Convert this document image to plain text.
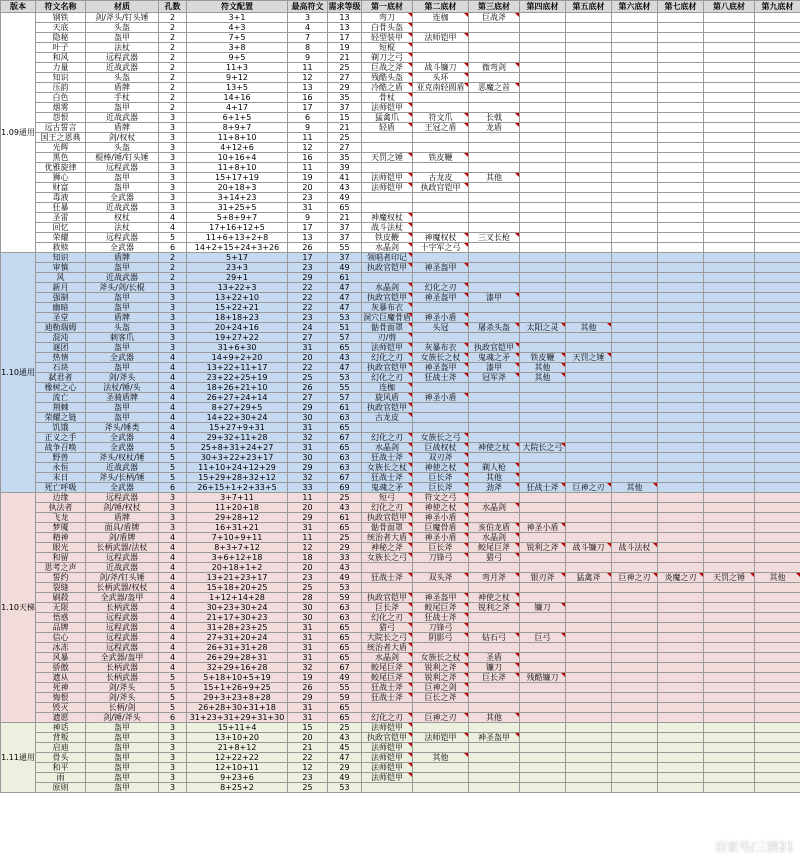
版本	符文名称	材质	孔数	符文配置	最高符文	需求等级	第一底材	第二底材	第三底材	第四底材	第五底材	第六底材	第七底材	第八底材	第九底材
1.09通用	钢铁	剑/斧头/钉头锤	2	3+1	3	13	弯刀	连枷	巨战斧						
	天底	头盔	2	4+3	4	13	白骨头盔								
	隐秘	盔甲	2	7+5	7	17	轻型装甲	法师铠甲							
	叶子	法杖	2	3+8	8	19	短棍								
	和风	远程武器	2	9+5	9	21	剃刀之弓								
	力量	近战武器	2	11+3	11	25	巨战之斧	战斗镰刀	微弯剑						
	知识	头盔	2	9+12	12	27	残酷头盔	头环							
	压韵	盾牌	2	13+5	13	29	冷酷之盾	亚克南轻圆盾	恶魔之首						
	白色	手杖	2	14+16	16	35	骨杖								
	烟雾	盔甲	2	4+17	17	37	法师铠甲								
	怨恨	近战武器	3	6+1+5	6	15	猛禽爪	符文爪	长戟						
	远古誓言	盾牌	3	8+9+7	9	21	轻盾	王冠之盾	龙盾						
	国王之恩典	剑/权杖	3	11+8+10	11	25									
	光辉	头盔	3	4+12+6	12	27									
	黑色	棍棒/锤/钉头锤	3	10+16+4	16	35	天罚之锤	铁皮鞭							
	优雅旋律	远程武器	3	11+8+10	11	39									
	狮心	盔甲	3	15+17+19	19	41	法师铠甲	古龙皮	其他						
	财富	盔甲	3	20+18+3	20	43	法师铠甲	执政官铠甲							
	毒液	全武器	3	3+14+23	23	49									
	狂暴	近战武器	3	31+25+5	31	65									
	圣雷	权杖	4	5+8+9+7	9	21	神魔权杖								
	回忆	法杖	4	17+16+12+5	17	37	战斗法杖								
	荣耀	远程武器	5	11+6+13+2+8	13	37	铁皮鞭	神魔权杖	三叉长枪						
	救赎	全武器	6	14+2+15+24+3+26	26	55	水晶剑	十字军之弓							
1.10通用	知识	盾牌	2	5+17	17	37	领唱者印记								
	审慎	盔甲	2	23+3	23	49	执政官铠甲	神圣盔甲							
	风	近战武器	2	29+1	29	61									
	新月	斧头/剑/长棍	3	13+22+3	22	47	水晶剑	幻化之刃							
	强制	盔甲	3	13+22+10	22	47	执政官铠甲	神圣盔甲	漆甲						
	幽暗	盔甲	3	15+22+21	22	47	灰暴布衣								
	圣堂	盾牌	3	18+18+23	23	53	洞穴巨魔骨盾	神圣小盾							
	迪勒瑞姆	头盔	3	20+24+16	24	51	骷骨面罩	头冠	屠杀头盔	太阳之灵	其他				
	混沌	刺客爪	3	19+27+22	27	57	刃/剪								
	谜团	盔甲	3	31+6+30	31	65	法师铠甲	灰暴布衣	执政官铠甲						
	热情	全武器	4	14+9+2+20	20	43	幻化之刃	女族长之杖	鬼魂之矛	铁皮鞭	天罚之锤				
	石块	盔甲	4	13+22+11+17	22	47	执政官铠甲	神圣盔甲	漆甲	其他					
	弑君者	剑/斧头	4	23+22+25+19	25	53	幻化之刃	狂战士斧	冠军斧	其他					
	橡树之心	法杖/锤/头	4	18+26+21+10	26	55	连枷								
	流亡	圣骑盾牌	4	26+27+24+14	27	57	旋风盾	神圣小盾							
	荆棘	盔甲	4	8+27+29+5	29	61	执政官铠甲								
	荣耀之链	盔甲	4	14+22+30+24	30	63	古龙皮								
	饥饿	斧头/锤类	4	15+27+9+31	31	65									
	正义之手	全武器	4	29+32+11+28	32	67	幻化之刃	女族长之弓							
	战争召唤	全武器	5	25+8+31+24+27	31	65	水晶剑	巨战权杖	神使之杖	大院长之弓					
	野兽	斧头/权杖/锤	5	30+3+22+23+17	30	63	狂战士斧	双刃斧							
	永恒	近战武器	5	11+10+24+12+29	29	63	女族长之杖	神使之杖	剃人枪						
	末日	斧头/长柄/锤	5	15+29+28+32+12	32	67	狂战士斧	巨长斧	其他						
	死亡呼吸	全武器	6	26+15+1+2+33+5	33	69	鬼魂之矛	巨长斧	劲斧	狂战士斧	巨神之刃	其他			
1.10天梯	边缘	远程武器	3	3+7+11	11	25	短弓	符文之弓							
	执法者	剑/锤/权杖	3	11+20+18	20	43	幻化之刃	神使之杖	水晶剑						
	飞龙	盾牌	3	29+28+12	29	61	执政官铠甲	神圣小盾							
	梦魇	面具/盾牌	3	16+31+21	31	65	骷骨面罩	巨魔骨盾	亥伯龙盾	神圣小盾					
	精神	剑/盾牌	4	7+10+9+11	11	25	统治者大盾	神圣小盾	水晶剑						
	眼光	长柄武器/法杖	4	8+3+7+12	12	29	神秘之斧	巨长斧	鲛尾巨斧	锐利之斧	战斗镰刀	战斗法杖			
	和留	远程武器	4	3+6+12+18	18	33	女族长之弓	刀锋弓	猎弓						
	思考之声	近战武器	4	20+18+1+2	20	43									
	誓约	剑/斧/钉头锤	4	13+21+23+17	23	49	狂战士斧	双头斧	弯月斧	银刃斧	猛禽斧	巨神之刃	炎魔之刃	天罚之锤	其他
	裂缝	长柄武器/权杖	4	15+18+20+25	25	53									
	刷殺	全武器/盔甲	4	1+12+14+28	28	59	执政官铠甲	神圣盔甲	神使之杖						
	无限	长柄武器	4	30+23+30+24	30	63	巨长斧	鲛尾巨斧	锐利之斧	镰刀					
	悟惑	远程武器	4	21+17+30+23	30	63	幻化之刃	狂战士斧							
	品牌	远程武器	4	31+28+23+25	31	65	猎弓	刀锋弓							
	信心	远程武器	4	27+31+20+24	31	65	大院长之弓	阴影弓	钻石弓	巨弓					
	冰冻	远程武器	4	26+31+31+28	31	65	统治者大盾								
	风暴	全武器/盔甲	4	26+29+28+31	31	65	水晶剑	女族长之杖	圣盾						
	骄傲	长柄武器	4	32+29+16+28	32	67	鲛尾巨斧	锐利之斧	镰刀						
	遗从	长柄武器	5	5+18+10+5+19	19	49	鲛尾巨斧	锐利之斧	巨长斧	残酷镰刀					
	死神	剑/斧头	5	15+1+26+9+25	26	55	狂战士斧	巨神之剑							
	悔恨	剑/斧头	5	29+3+23+8+28	29	59	狂战士斧	巨长之斧							
	毁灭	长柄/剑	5	26+28+30+31+18	31	65									
	遗愿	剑/锤/斧头	6	31+23+31+29+31+30	31	65	幻化之刃	巨神之刃	其他						
1.11通用	神话	盔甲	3	15+11+4	15	25	法师铠甲								
	背叛	盔甲	3	13+10+20	20	43	执政官铠甲	法师铠甲	神圣盔甲						
	启迪	盔甲	3	21+8+12	21	45	法师铠甲								
	骨头	盔甲	3	12+22+22	22	47	法师铠甲	其他							
	和平	盔甲	3	12+10+11	12	29	法师铠甲								
	雨	盔甲	3	9+23+6	23	49	法师铠甲								
	原则	盔甲	3	8+25+2	25	53									
百家号/三饼21
